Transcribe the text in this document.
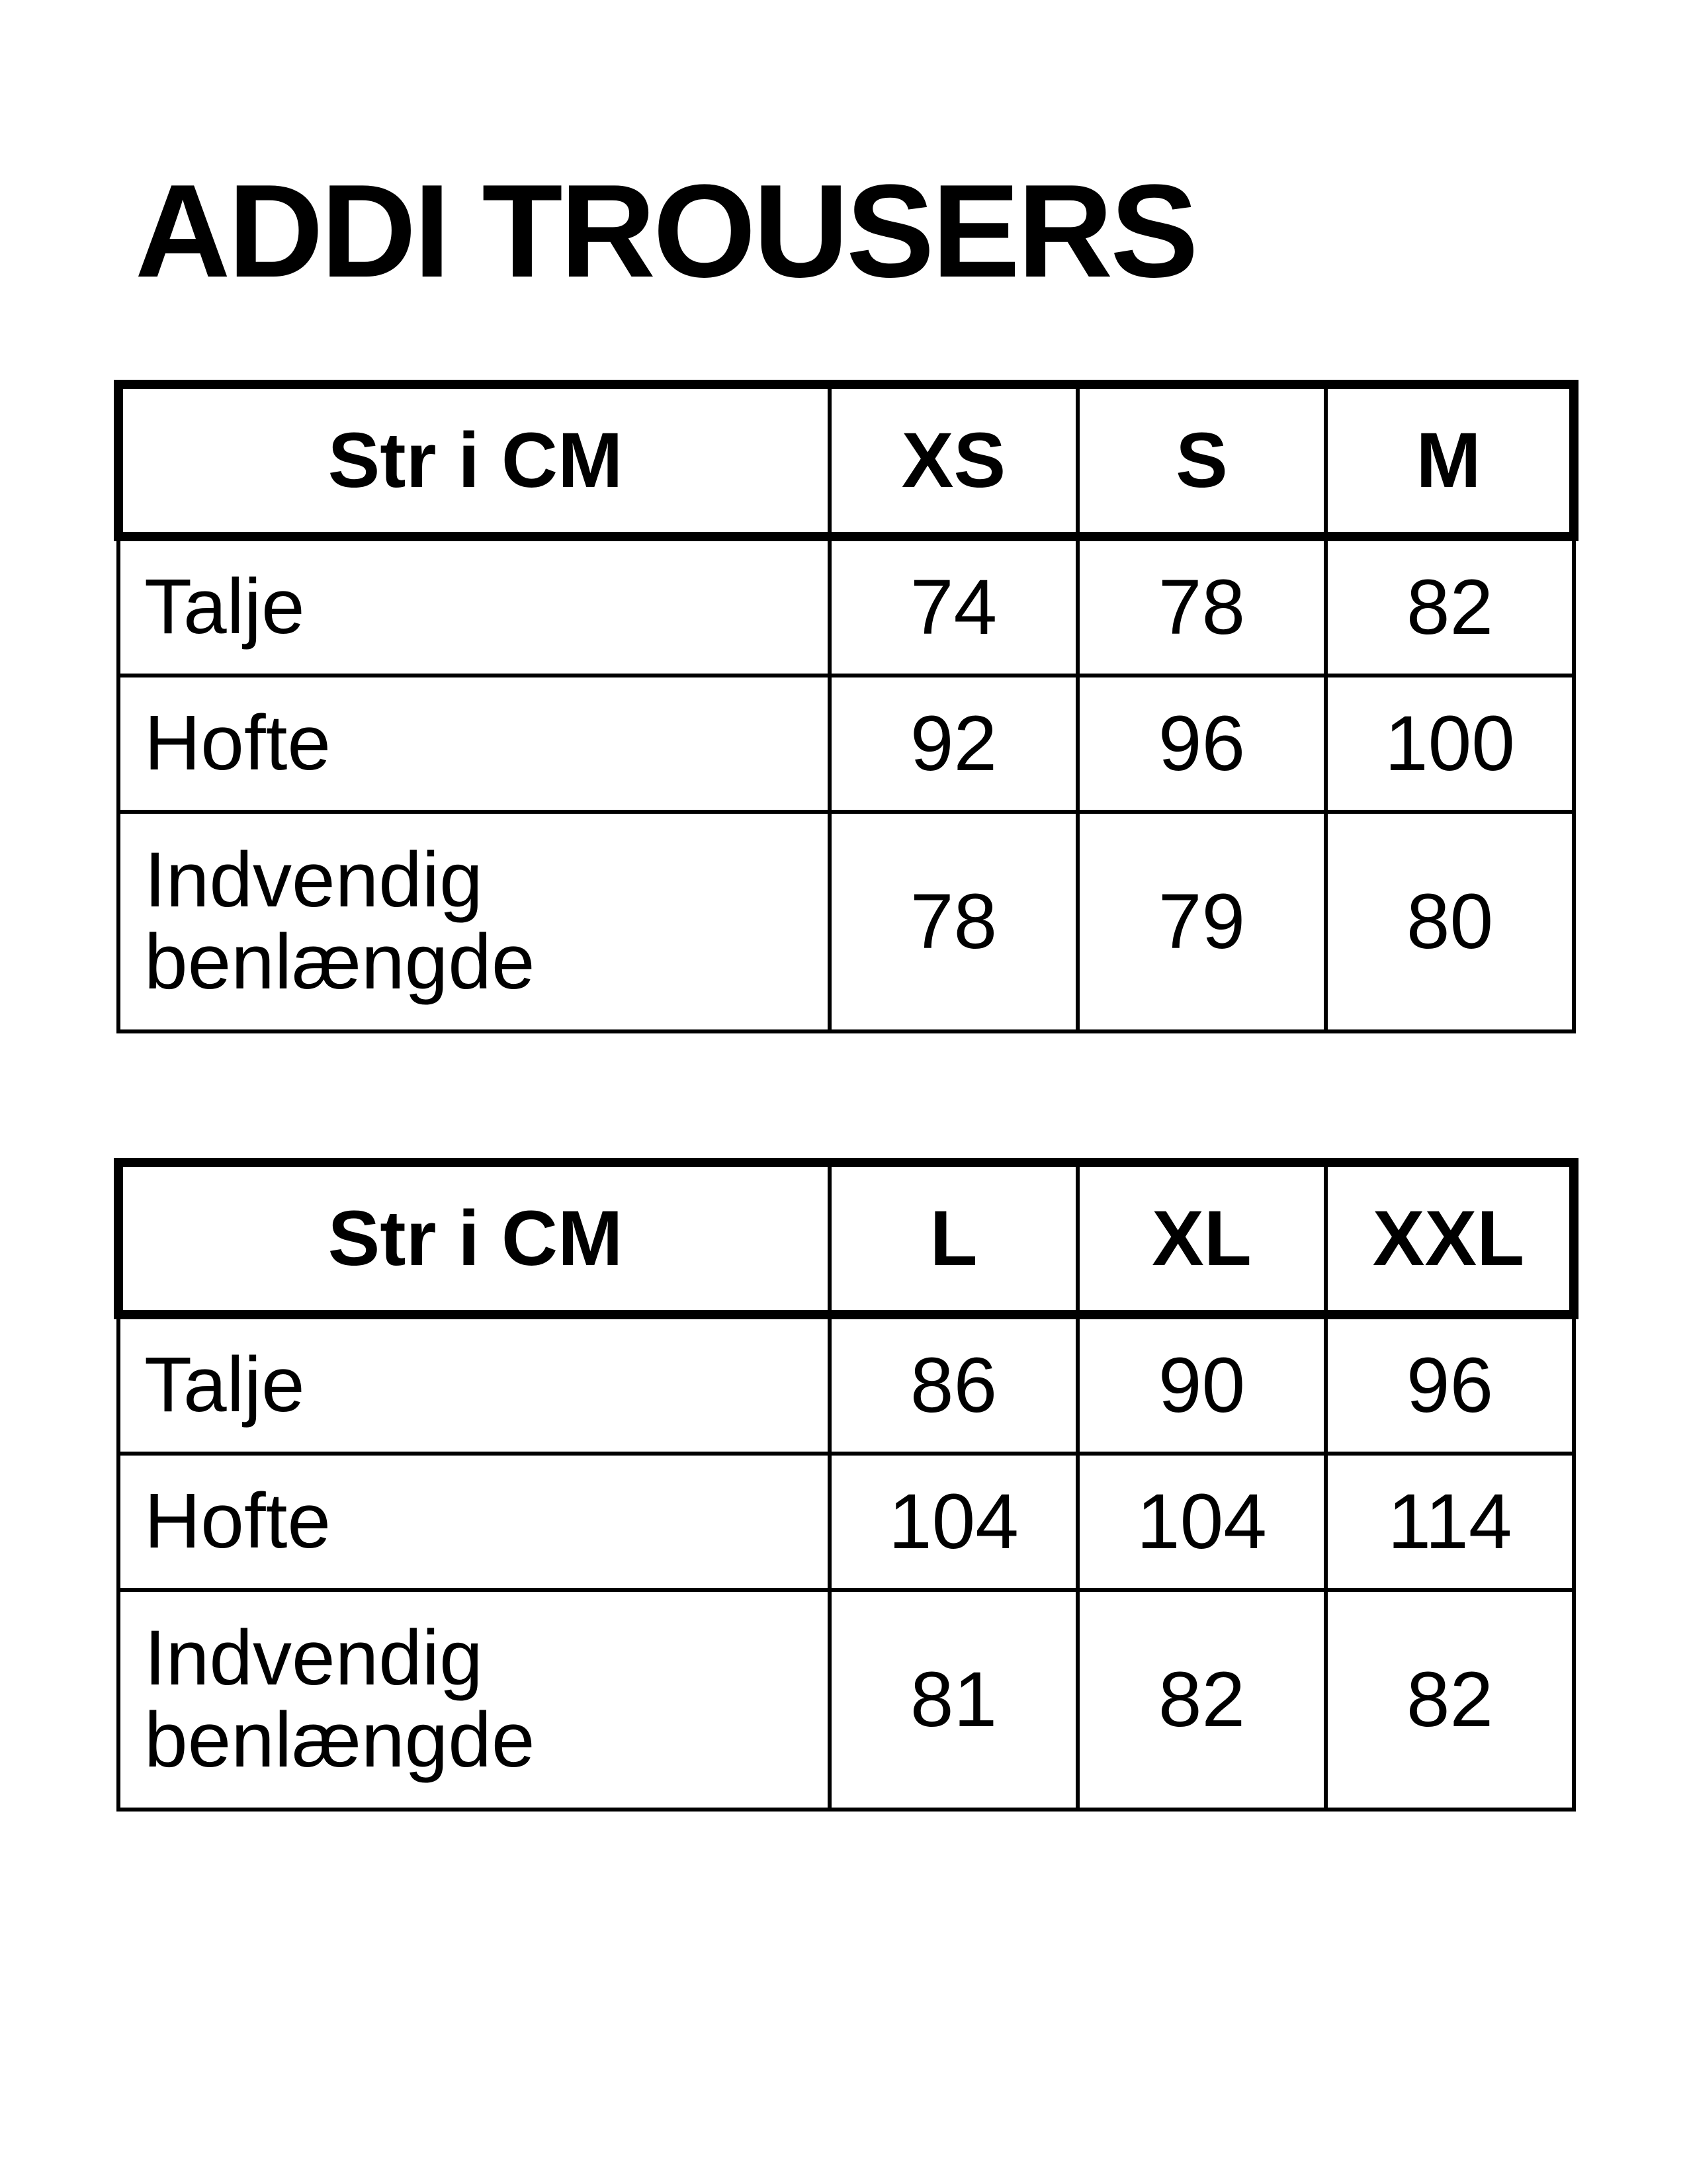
ADDI TROUSERS
Str i CM	XS	S	M

Talje	74	78	82

Hofte	92	96	100

Indvendig
benlængde	78	79	80
Str i CM	L	XL	XXL

Talje	86	90	96

Hofte	104	104	114

Indvendig
benlængde	81	82	82
